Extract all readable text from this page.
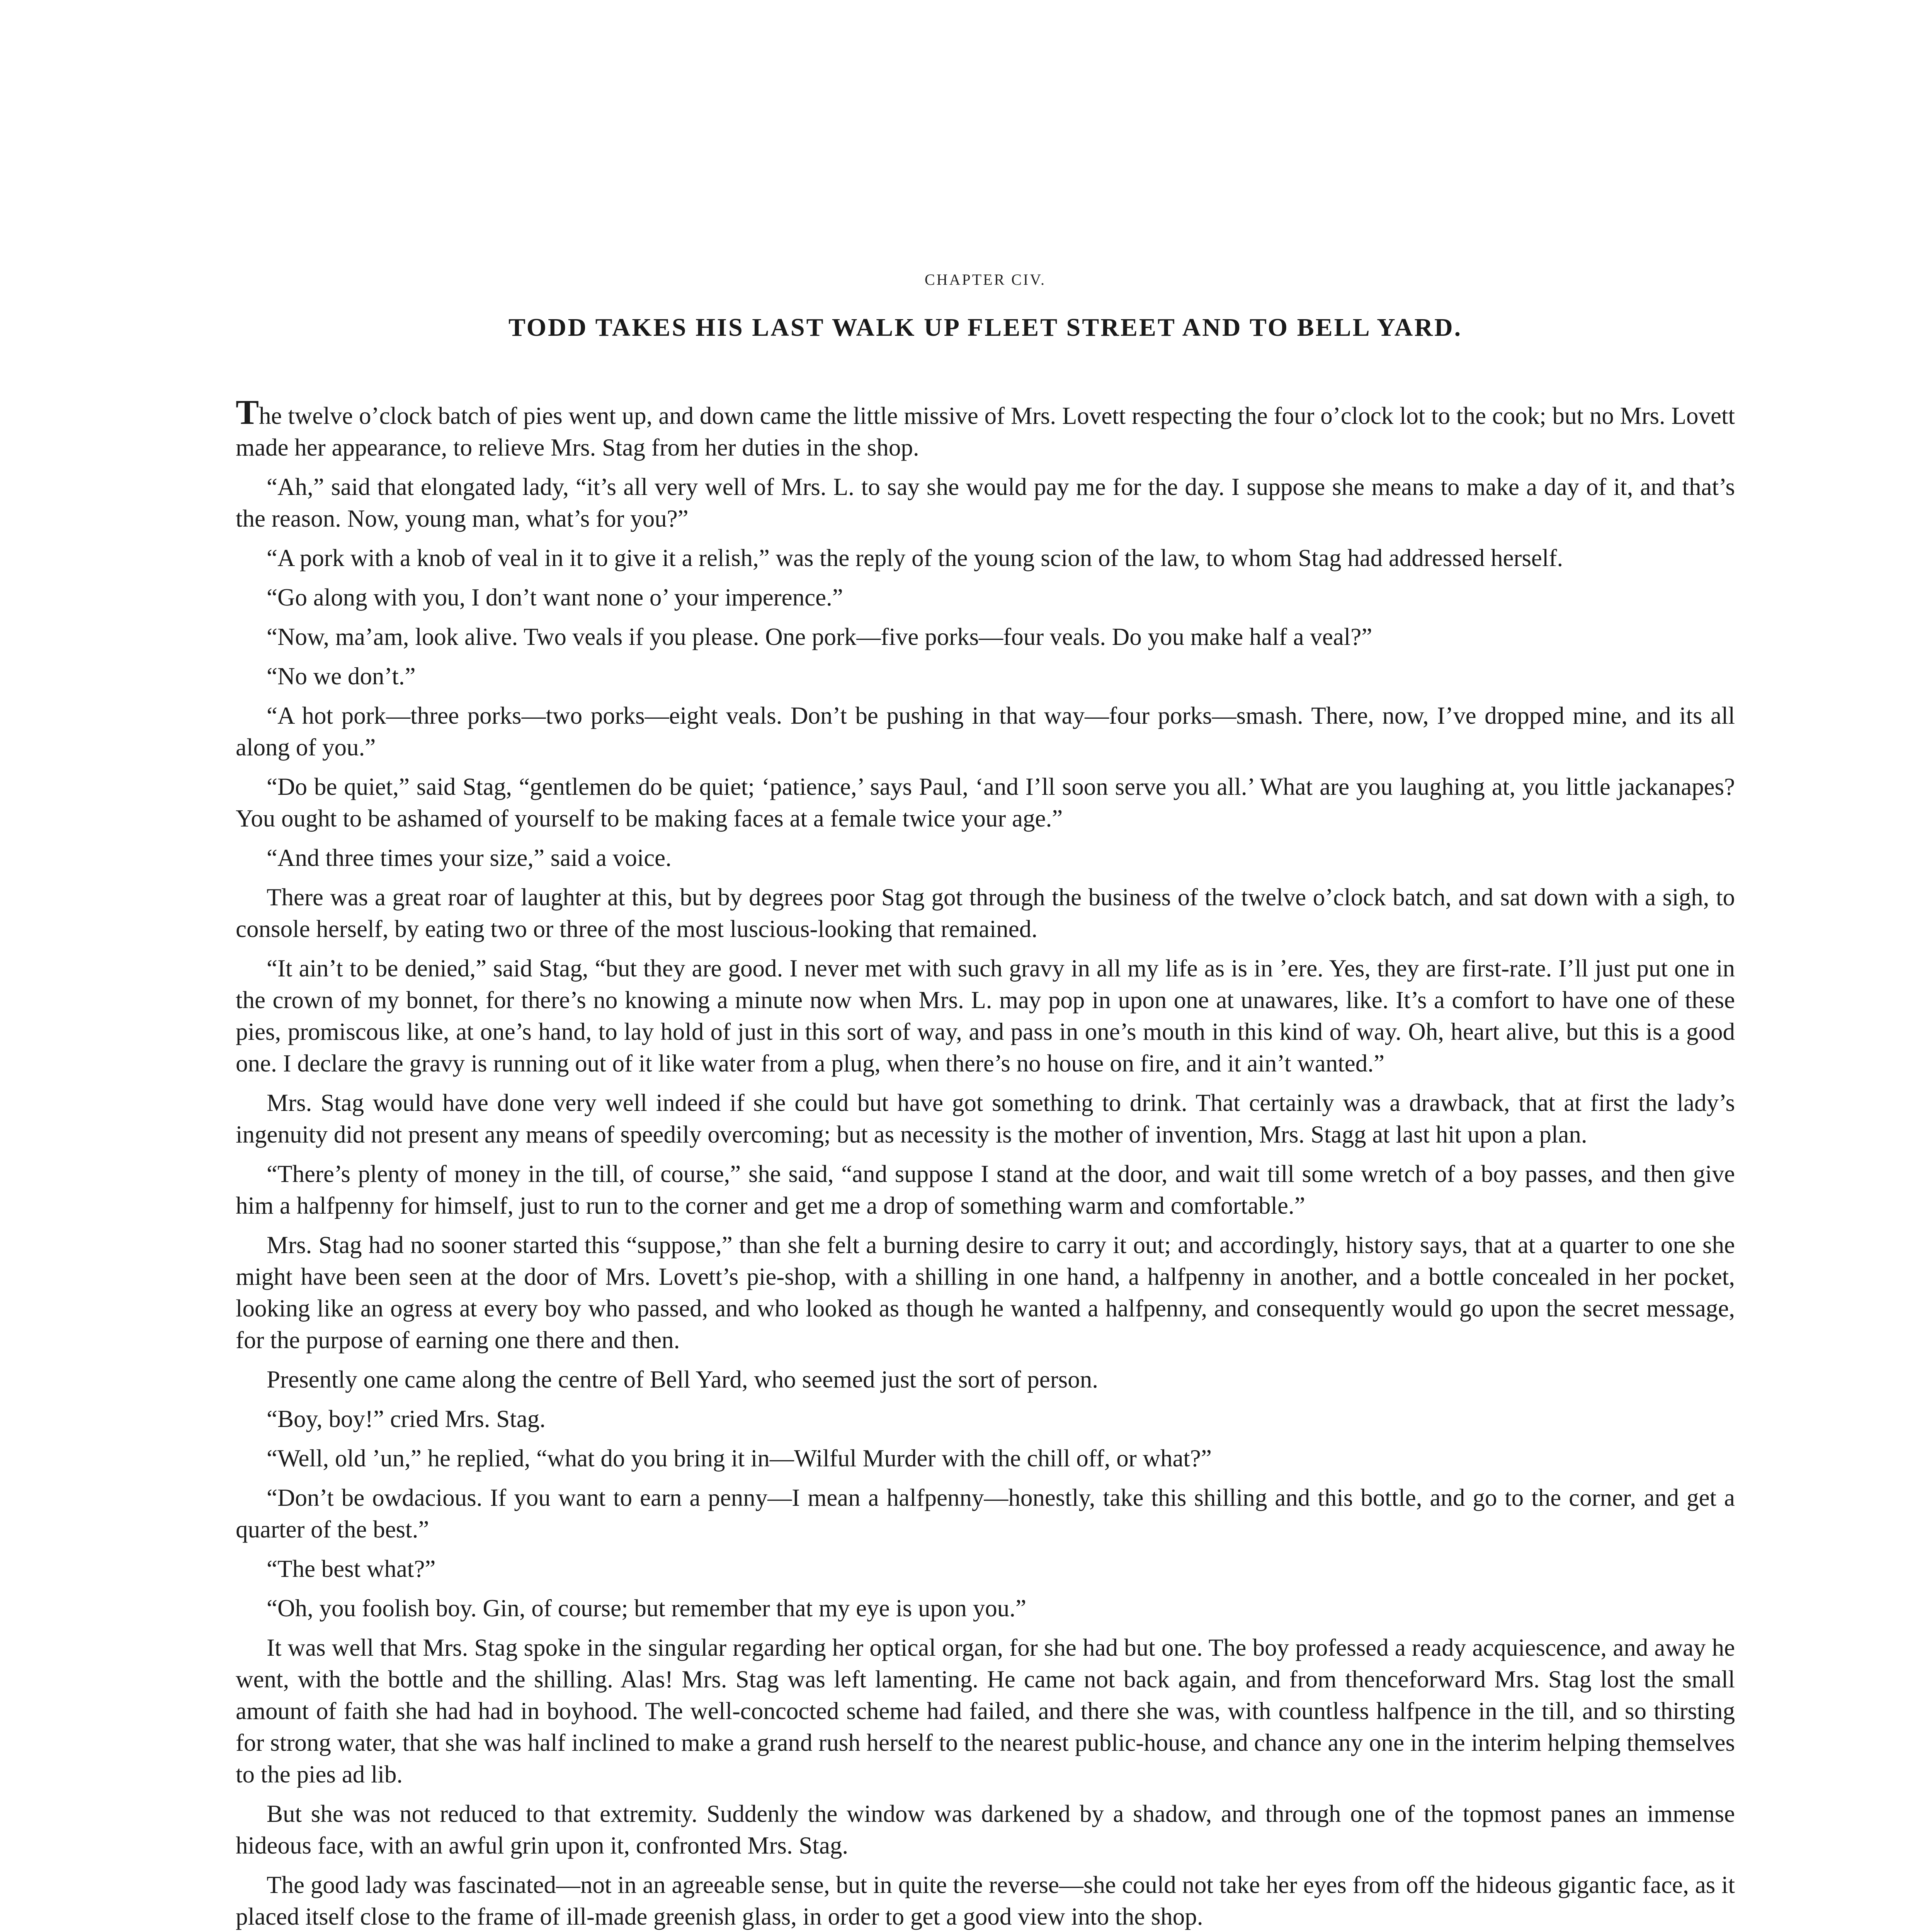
CHAPTER CIV.
TODD TAKES HIS LAST WALK UP FLEET STREET AND TO BELL YARD.

The twelve o’clock batch of pies went up, and down came the little missive of Mrs. Lovett respecting the four o’clock lot to the cook; but no Mrs. Lovett made her appearance, to relieve Mrs. Stag from her duties in the shop.

“Ah,” said that elongated lady, “it’s all very well of Mrs. L. to say she would pay me for the day. I suppose she means to make a day of it, and that’s the reason. Now, young man, what’s for you?”

“A pork with a knob of veal in it to give it a relish,” was the reply of the young scion of the law, to whom Stag had addressed herself.

“Go along with you, I don’t want none o’ your imperence.”

“Now, ma’am, look alive. Two veals if you please. One pork—five porks—four veals. Do you make half a veal?”

“No we don’t.”

“A hot pork—three porks—two porks—eight veals. Don’t be pushing in that way—four porks—smash. There, now, I’ve dropped mine, and its all along of you.”

“Do be quiet,” said Stag, “gentlemen do be quiet; ‘patience,’ says Paul, ‘and I’ll soon serve you all.’ What are you laughing at, you little jackanapes? You ought to be ashamed of yourself to be making faces at a female twice your age.”

“And three times your size,” said a voice.

There was a great roar of laughter at this, but by degrees poor Stag got through the business of the twelve o’clock batch, and sat down with a sigh, to console herself, by eating two or three of the most luscious-looking that remained.

“It ain’t to be denied,” said Stag, “but they are good. I never met with such gravy in all my life as is in ’ere. Yes, they are first-rate. I’ll just put one in the crown of my bonnet, for there’s no knowing a minute now when Mrs. L. may pop in upon one at unawares, like. It’s a comfort to have one of these pies, promiscous like, at one’s hand, to lay hold of just in this sort of way, and pass in one’s mouth in this kind of way. Oh, heart alive, but this is a good one. I declare the gravy is running out of it like water from a plug, when there’s no house on fire, and it ain’t wanted.”

Mrs. Stag would have done very well indeed if she could but have got something to drink. That certainly was a drawback, that at first the lady’s ingenuity did not present any means of speedily overcoming; but as necessity is the mother of invention, Mrs. Stagg at last hit upon a plan.

“There’s plenty of money in the till, of course,” she said, “and suppose I stand at the door, and wait till some wretch of a boy passes, and then give him a halfpenny for himself, just to run to the corner and get me a drop of something warm and comfortable.”

Mrs. Stag had no sooner started this “suppose,” than she felt a burning desire to carry it out; and accordingly, history says, that at a quarter to one she might have been seen at the door of Mrs. Lovett’s pie-shop, with a shilling in one hand, a halfpenny in another, and a bottle concealed in her pocket, looking like an ogress at every boy who passed, and who looked as though he wanted a halfpenny, and consequently would go upon the secret message, for the purpose of earning one there and then.

Presently one came along the centre of Bell Yard, who seemed just the sort of person.

“Boy, boy!” cried Mrs. Stag.

“Well, old ’un,” he replied, “what do you bring it in—Wilful Murder with the chill off, or what?”

“Don’t be owdacious. If you want to earn a penny—I mean a halfpenny—honestly, take this shilling and this bottle, and go to the corner, and get a quarter of the best.”

“The best what?”

“Oh, you foolish boy. Gin, of course; but remember that my eye is upon you.”

It was well that Mrs. Stag spoke in the singular regarding her optical organ, for she had but one. The boy professed a ready acquiescence, and away he went, with the bottle and the shilling. Alas! Mrs. Stag was left lamenting. He came not back again, and from thenceforward Mrs. Stag lost the small amount of faith she had had in boyhood. The well-concocted scheme had failed, and there she was, with countless halfpence in the till, and so thirsting for strong water, that she was half inclined to make a grand rush herself to the nearest public-house, and chance any one in the interim helping themselves to the pies ad lib.

But she was not reduced to that extremity. Suddenly the window was darkened by a shadow, and through one of the topmost panes an immense hideous face, with an awful grin upon it, confronted Mrs. Stag.

The good lady was fascinated—not in an agreeable sense, but in quite the reverse—she could not take her eyes from off the hideous gigantic face, as it placed itself close to the frame of ill-made greenish glass, in order to get a good view into the shop.
